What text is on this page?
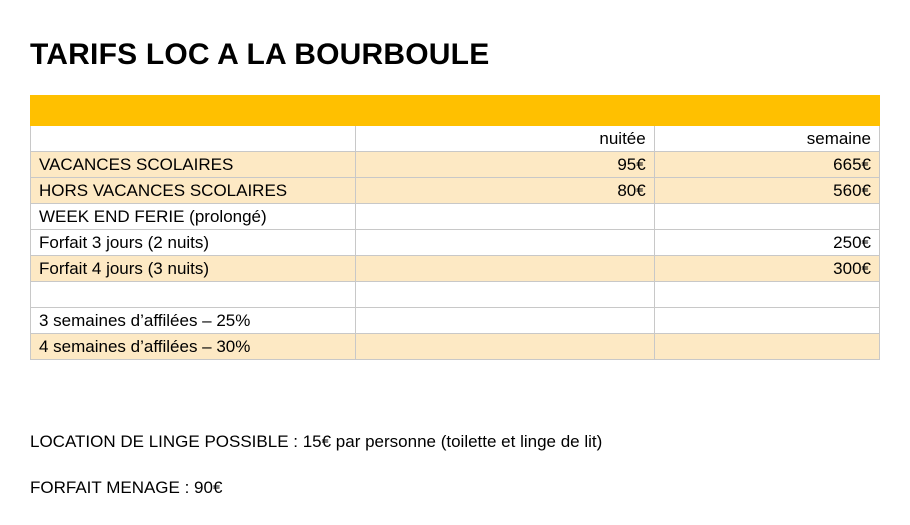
TARIFS LOC A LA BOURBOULE

	nuitée	semaine
VACANCES SCOLAIRES	95€	665€
HORS VACANCES SCOLAIRES	80€	560€
WEEK END FERIE (prolongé)		
Forfait 3 jours (2 nuits)		250€
Forfait 4 jours (3 nuits)		300€

3 semaines d’affilées – 25%		
4 semaines d’affilées – 30%		
LOCATION DE LINGE POSSIBLE : 15€ par personne (toilette et linge de lit)
FORFAIT MENAGE : 90€
